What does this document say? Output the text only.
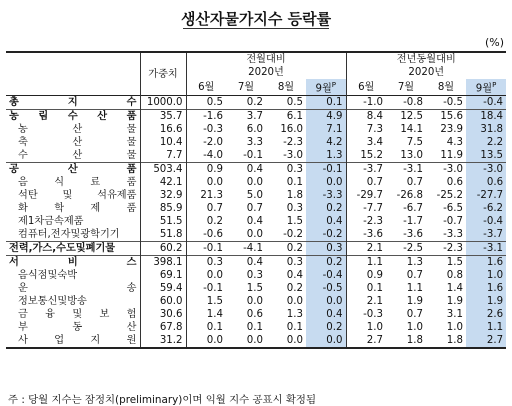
생산자물가지수 등락률
(%)
	가중치	전월대비				전년동월대비			
		2020년				2020년			
		6월	7월	8월	9월$^P$	6월	7월	8월	9월$^P$
총 지 수	1000.0	0.5	0.2	0.5	0.1	-1.0	-0.8	-0.5	-0.4
농 림 수 산 품	35.7	-1.6	3.7	6.1	4.9	8.4	12.5	15.6	18.4
농 산 물	16.6	-0.3	6.0	16.0	7.1	7.3	14.1	23.9	31.8
축 산 물	10.4	-2.0	3.3	-2.3	4.2	3.4	7.5	4.3	2.2
수 산 물	7.7	-4.0	-0.1	-3.0	1.3	15.2	13.0	11.9	13.5
공 산 품	503.4	0.9	0.4	0.3	-0.1	-3.7	-3.1	-3.0	-3.0
음 식 료 품	42.1	0.0	0.0	0.1	0.0	0.7	0.7	0.6	0.6
석탄 및 석유제품	32.9	21.3	5.0	1.8	-3.3	-29.7	-26.8	-25.2	-27.7
화 학 제 품	85.9	0.7	0.7	0.3	0.2	-7.7	-6.7	-6.5	-6.2
제1차금속제품	51.5	0.2	0.4	1.5	0.4	-2.3	-1.7	-0.7	-0.4
컴퓨터,전자및광학기기	51.8	-0.6	0.0	-0.2	-0.2	-3.6	-3.6	-3.3	-3.7
전력,가스,수도및폐기물	60.2	-0.1	-4.1	0.2	0.3	2.1	-2.5	-2.3	-3.1
서 비 스	398.1	0.3	0.4	0.3	0.2	1.1	1.3	1.5	1.6
음식점및숙박	69.1	0.0	0.3	0.4	-0.4	0.9	0.7	0.8	1.0
운 송	59.4	-0.1	1.5	0.2	-0.5	0.1	1.1	1.4	1.6
정보통신및방송	60.0	1.5	0.0	0.0	0.0	2.1	1.9	1.9	1.9
금 융 및 보 험	30.6	1.4	0.6	1.3	0.4	-0.3	0.7	3.1	2.6
부 동 산	67.8	0.1	0.1	0.1	0.2	1.0	1.0	1.0	1.1
사 업 지 원	31.2	0.0	0.0	0.0	0.0	2.7	1.8	1.8	2.7
주 : 당월 지수는 잠정치(preliminary)이며 익월 지수 공표시 확정됨
